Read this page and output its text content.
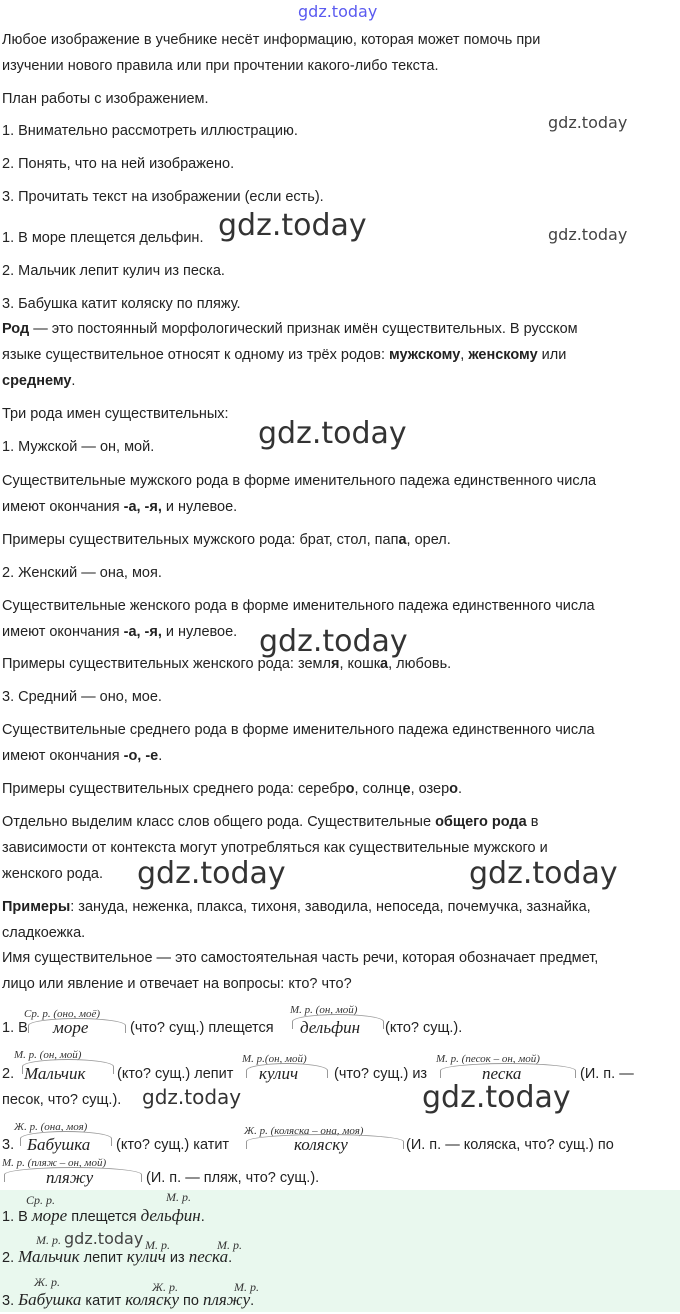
gdz.today
gdz.today
gdz.today	gdz.today
gdz.today
gdz.today
gdz.today	gdz.today
gdz.today	gdz.today

Любое изображение в учебнике несёт информацию, которая может помочь при

изучении нового правила или при прочтении какого-либо текста.

План работы с изображением.

1. Внимательно рассмотреть иллюстрацию.

2. Понять, что на ней изображено.

3. Прочитать текст на изображении (если есть).

1. В море плещется дельфин.

2. Мальчик лепит кулич из песка.

3. Бабушка катит коляску по пляжу.

Род — это постоянный морфологический признак имён существительных. В русском

языке существительное относят к одному из трёх родов: мужскому, женскому или

среднему.

Три рода имен существительных:

1. Мужской — он, мой.

Существительные мужского рода в форме именительного падежа единственного числа

имеют окончания -а, -я, и нулевое.

Примеры существительных мужского рода: брат, стол, папа, орел.

2. Женский — она, моя.

Существительные женского рода в форме именительного падежа единственного числа

имеют окончания -а, -я, и нулевое.

Примеры существительных женского рода: земля, кошка, любовь.

3. Средний — оно, мое.

Существительные среднего рода в форме именительного падежа единственного числа

имеют окончания -о, -е.

Примеры существительных среднего рода: серебро, солнце, озеро.

Отдельно выделим класс слов общего рода. Существительные общего рода в

зависимости от контекста могут употребляться как существительные мужского и

женского рода.

Примеры: зануда, неженка, плакса, тихоня, заводила, непоседа, почемучка, зазнайка,

сладкоежка.

Имя существительное — это самостоятельная часть речи, которая обозначает предмет,

лицо или явление и отвечает на вопросы: кто? что?

1. В
Ср. р. (оно, моё)
море	(что? сущ.) плещется
М. р. (он, мой)
дельфин (кто? сущ.).
2.
М. р. (он, мой)
Мальчик (кто? сущ.) лепит
М. р.(он, мой)
кулич (что? сущ.) из
М. р. (песок – он, мой)
песка	(И. п. —
песок, что? сущ.).
3.
Ж. р. (она, моя)
Бабушка (кто? сущ.) катит
Ж. р. (коляска – она, моя)
коляску	(И. п. — коляска, что? сущ.) по
М. р. (пляж – он, мой)
пляжу	(И. п. — пляж, что? сущ.).
Ср. р.	М. р.

1. В море плещется дельфин.

М. р. gdz.today М. р.	М. р.

2. Мальчик лепит кулич из песка.

Ж. р.	Ж. р.	М. р.

3. Бабушка катит коляску по пляжу.
